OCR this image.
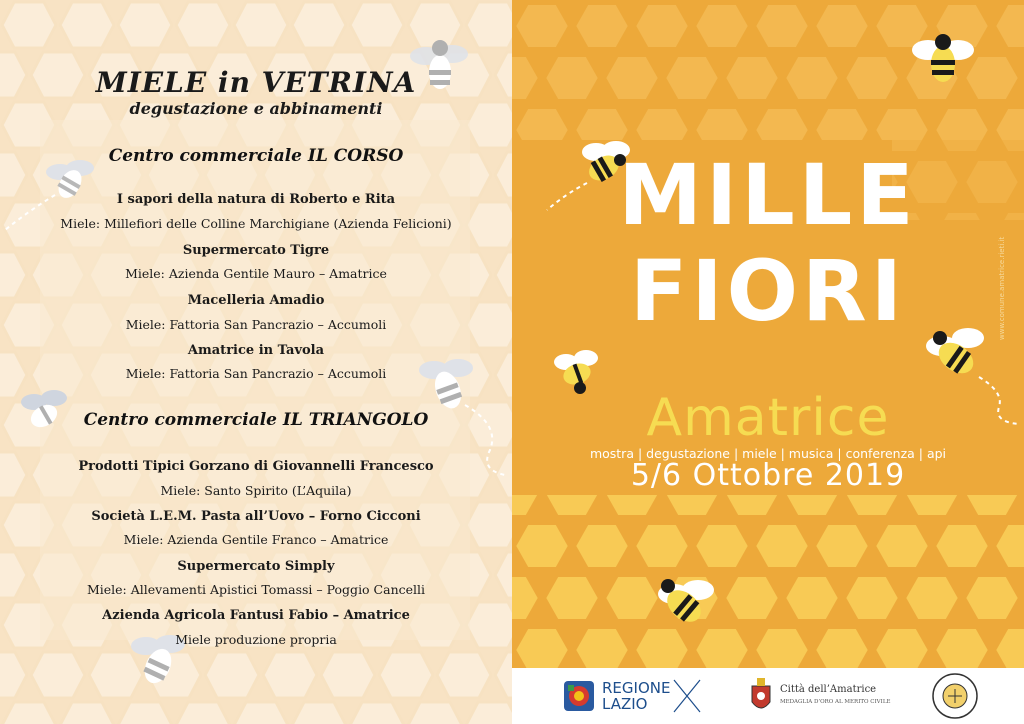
MIELE in VETRINA
degustazione e abbinamenti
Centro commerciale IL CORSO
I sapori della natura di Roberto e Rita
Miele: Millefiori delle Colline Marchigiane (Azienda Felicioni)
Supermercato Tigre
Miele: Azienda Gentile Mauro – Amatrice
Macelleria Amadio
Miele: Fattoria San Pancrazio – Accumoli
Amatrice in Tavola
Miele: Fattoria San Pancrazio – Accumoli
Centro commerciale IL TRIANGOLO
Prodotti Tipici Gorzano di Giovannelli Francesco
Miele: Santo Spirito (L’Aquila)
Società L.E.M. Pasta all’Uovo – Forno Cicconi
Miele: Azienda Gentile Franco – Amatrice
Supermercato Simply
Miele: Allevamenti Apistici Tomassi – Poggio Cancelli
Azienda Agricola Fantusi Fabio – Amatrice
Miele produzione propria
MILLE
FIORI
Amatrice
mostra | degustazione | miele | musica | conferenza | api
5/6 Ottobre 2019
www.comune.amatrice.rieti.it
REGIONE
LAZIO
Città dell’Amatrice
MEDAGLIA D’ORO AL MERITO CIVILE
